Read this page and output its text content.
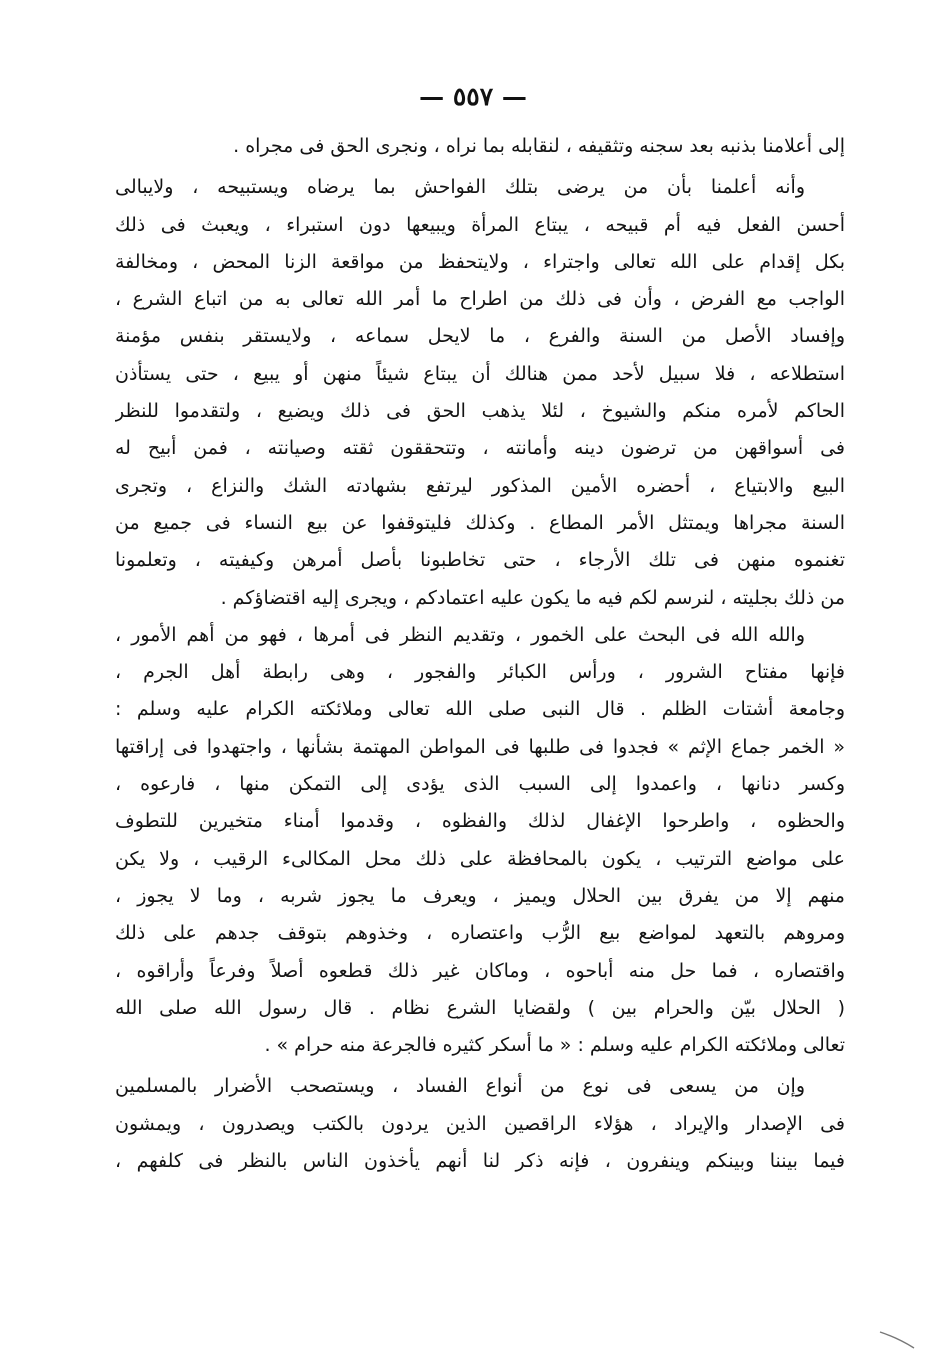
— ٥٥٧ —
إلى أعلامنا بذنبه بعد سجنه وتثقيفه ، لنقابله بما نراه ، ونجرى الحق فى مجراه .
وأنه أعلمنا بأن من يرضى بتلك الفواحش بما يرضاه ويستبيحه ، ولايبالى
أحسن الفعل فيه أم قبيحه ، يبتاع المرأة ويبيعها دون استبراء ، ويعبث فى ذلك
بكل إقدام على الله تعالى واجتراء ، ولايتحفظ من مواقعة الزنا المحض ، ومخالفة
الواجب مع الفرض ، وأن فى ذلك من اطراح ما أمر الله تعالى به من اتباع الشرع ،
وإفساد الأصل من السنة والفرع ، ما لايحل سماعه ، ولايستقر بنفس مؤمنة
استطلاعه ، فلا سبيل لأحد ممن هنالك أن يبتاع شيئاً منهن أو يبيع ، حتى يستأذن
الحاكم لأمره منكم والشيوخ ، لئلا يذهب الحق فى ذلك ويضيع ، ولتقدموا للنظر
فى أسواقهن من ترضون دينه وأمانته ، وتتحققون ثقته وصيانته ، فمن أبيح له
البيع والابتياع ، أحضره الأمين المذكور ليرتفع بشهادته الشك والنزاع ، وتجرى
السنة مجراها ويمتثل الأمر المطاع . وكذلك فليتوقفوا عن بيع النساء فى جميع من
تغنموه منهن فى تلك الأرجاء ، حتى تخاطبونا بأصل أمرهن وكيفيته ، وتعلمونا
من ذلك بجليته ، لنرسم لكم فيه ما يكون عليه اعتمادكم ، ويجرى إليه اقتضاؤكم .
والله الله فى البحث على الخمور ، وتقديم النظر فى أمرها ، فهو من أهم الأمور ،
فإنها مفتاح الشرور ، ورأس الكبائر والفجور ، وهى رابطة أهل الجرم ،
وجامعة أشتات الظلم . قال النبى صلى الله تعالى وملائكته الكرام عليه وسلم :
« الخمر جماع الإثم » فجدوا فى طلبها فى المواطن المهتمة بشأنها ، واجتهدوا فى إراقتها
وكسر دنانها ، واعمدوا إلى السبب الذى يؤدى إلى التمكن منها ، فارعوه ،
والحظوه ، واطرحوا الإغفال لذلك والفظوه ، وقدموا أمناء متخيرين للتطوف
على مواضع الترتيب ، يكون بالمحافظة على ذلك محل المكالىء الرقيب ، ولا يكن
منهم إلا من يفرق بين الحلال ويميز ، ويعرف ما يجوز شربه ، وما لا يجوز ،
ومروهم بالتعهد لمواضع بيع الرُّب واعتصاره ، وخذوهم بتوقف جدهم على ذلك
واقتصاره ، فما حل منه أباحوه ، وماكان غير ذلك قطعوه أصلاً وفرعاً وأراقوه ،
( الحلال بيّن والحرام بين ) ولقضايا الشرع نظام . قال رسول الله صلى الله
تعالى وملائكته الكرام عليه وسلم : « ما أسكر كثيره فالجرعة منه حرام » .
وإن من يسعى فى نوع من أنواع الفساد ، ويستصحب الأضرار بالمسلمين
فى الإصدار والإيراد ، هؤلاء الراقصين الذين يردون بالكتب ويصدرون ، ويمشون
فيما بيننا وبينكم وينفرون ، فإنه ذكر لنا أنهم يأخذون الناس بالنظر فى كلفهم ،
